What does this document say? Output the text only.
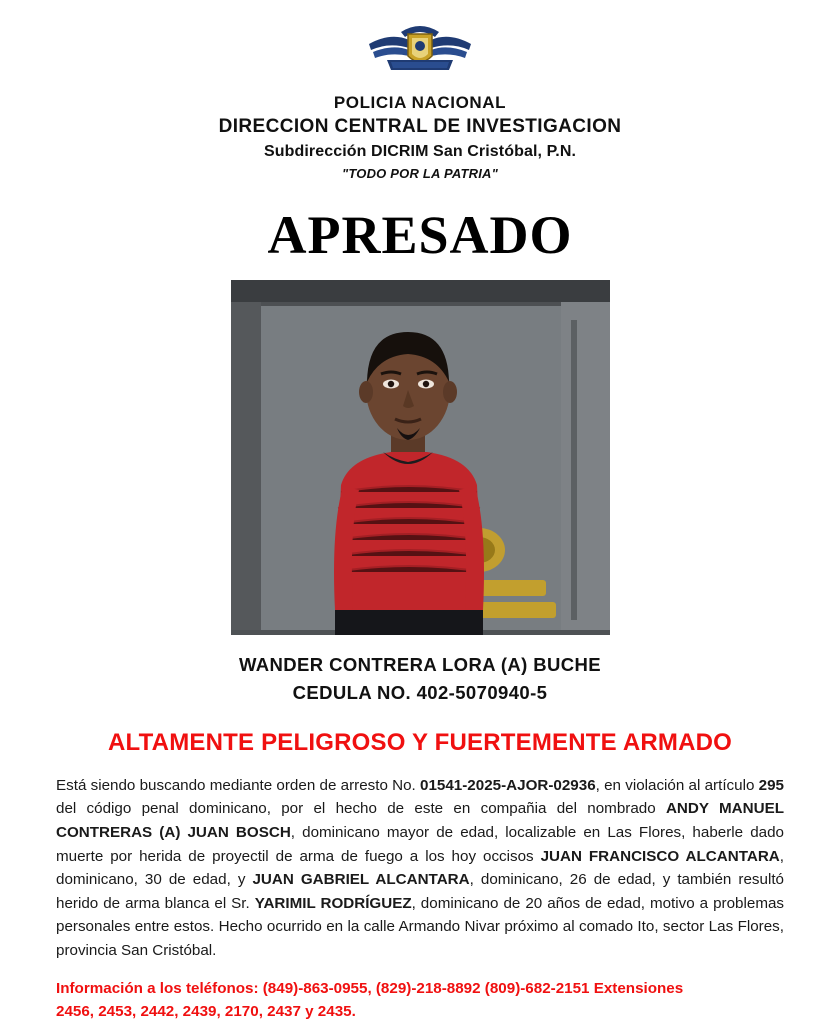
POLICIA NACIONAL
DIRECCION CENTRAL DE INVESTIGACION
Subdirección DICRIM San Cristóbal, P.N.
"TODO POR LA PATRIA"
APRESADO
WANDER CONTRERA LORA (A) BUCHE
CEDULA NO. 402-5070940-5
ALTAMENTE PELIGROSO Y FUERTEMENTE ARMADO
Está siendo buscando mediante orden de arresto No. 01541-2025-AJOR-02936, en violación al artículo 295 del código penal dominicano, por el hecho de este en compañia del nombrado ANDY MANUEL CONTRERAS (A) JUAN BOSCH, dominicano mayor de edad, localizable en Las Flores, haberle dado muerte por herida de proyectil de arma de fuego a los hoy occisos JUAN FRANCISCO ALCANTARA, dominicano, 30 de edad, y JUAN GABRIEL ALCANTARA, dominicano, 26 de edad, y también resultó herido de arma blanca el Sr. YARIMIL RODRÍGUEZ, dominicano de 20 años de edad, motivo a problemas personales entre estos. Hecho ocurrido en la calle Armando Nivar próximo al comado Ito, sector Las Flores, provincia San Cristóbal.
Información a los teléfonos: (849)-863-0955, (829)-218-8892 (809)-682-2151 Extensiones
2456, 2453, 2442, 2439, 2170, 2437 y 2435.
